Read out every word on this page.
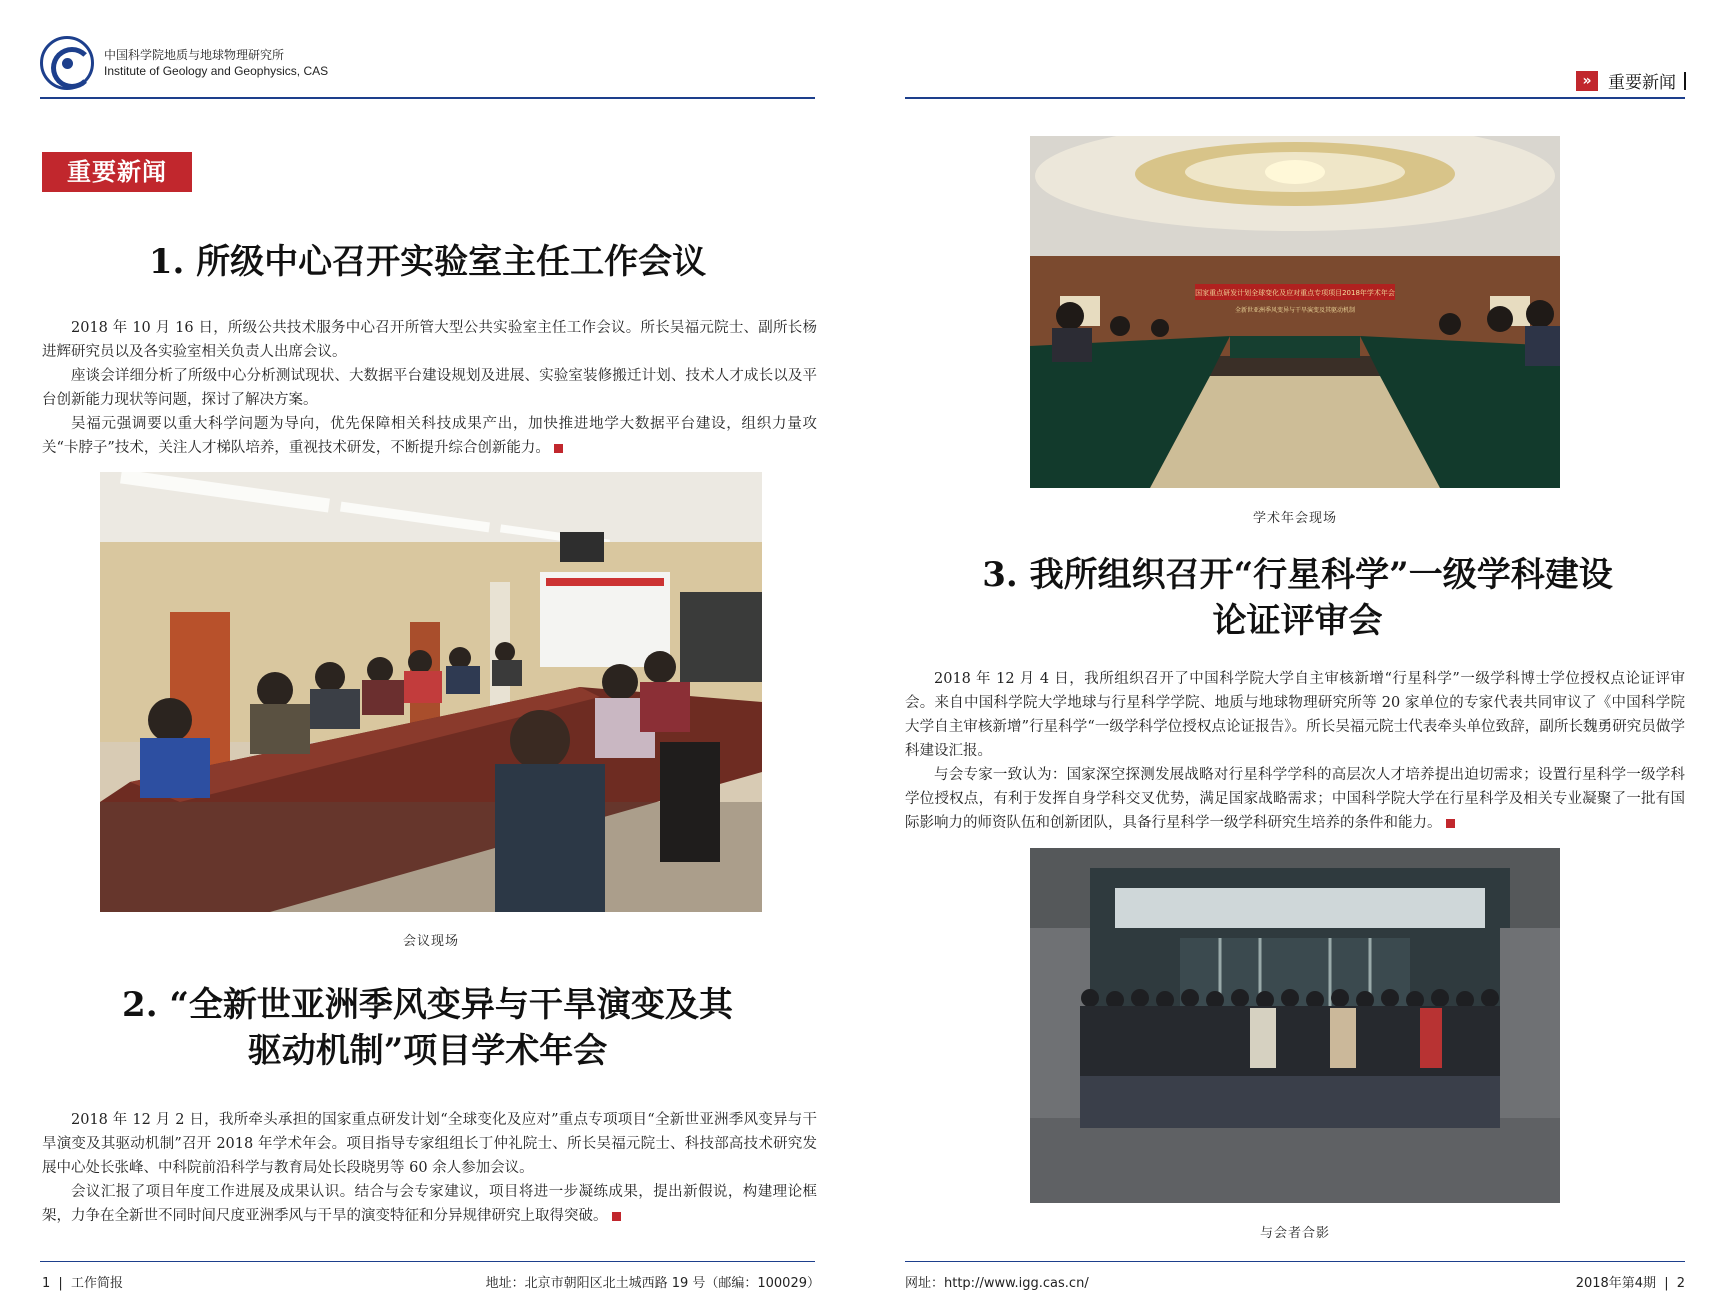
中国科学院地质与地球物理研究所
Institute of Geology and Geophysics, CAS
重要新闻
1. 所级中心召开实验室主任工作会议

2018 年 10 月 16 日，所级公共技术服务中心召开所管大型公共实验室主任工作会议。所长吴福元院士、副所长杨进辉研究员以及各实验室相关负责人出席会议。

座谈会详细分析了所级中心分析测试现状、大数据平台建设规划及进展、实验室装修搬迁计划、技术人才成长以及平台创新能力现状等问题，探讨了解决方案。

吴福元强调要以重大科学问题为导向，优先保障相关科技成果产出，加快推进地学大数据平台建设，组织力量攻关“卡脖子”技术，关注人才梯队培养，重视技术研发，不断提升综合创新能力。

会议现场
2. “全新世亚洲季风变异与干旱演变及其
驱动机制”项目学术年会

2018 年 12 月 2 日，我所牵头承担的国家重点研发计划“全球变化及应对”重点专项项目“全新世亚洲季风变异与干旱演变及其驱动机制”召开 2018 年学术年会。项目指导专家组组长丁仲礼院士、所长吴福元院士、科技部高技术研究发展中心处长张峰、中科院前沿科学与教育局处长段晓男等 60 余人参加会议。

会议汇报了项目年度工作进展及成果认识。结合与会专家建议，项目将进一步凝练成果，提出新假说，构建理论框架，力争在全新世不同时间尺度亚洲季风与干旱的演变特征和分异规律研究上取得突破。

1 | 工作简报	地址：北京市朝阳区北土城西路 19 号（邮编：100029）
» 重要新闻
国家重点研发计划全球变化及应对重点专项项目2018年学术年会
全新世亚洲季风变异与干旱演变及其驱动机制
学术年会现场
3. 我所组织召开“行星科学”一级学科建设
论证评审会

2018 年 12 月 4 日，我所组织召开了中国科学院大学自主审核新增“行星科学”一级学科博士学位授权点论证评审会。来自中国科学院大学地球与行星科学学院、地质与地球物理研究所等 20 家单位的专家代表共同审议了《中国科学院大学自主审核新增”行星科学“一级学科学位授权点论证报告》。所长吴福元院士代表牵头单位致辞，副所长魏勇研究员做学科建设汇报。

与会专家一致认为：国家深空探测发展战略对行星科学学科的高层次人才培养提出迫切需求；设置行星科学一级学科学位授权点，有利于发挥自身学科交叉优势，满足国家战略需求；中国科学院大学在行星科学及相关专业凝聚了一批有国际影响力的师资队伍和创新团队，具备行星科学一级学科研究生培养的条件和能力。

与会者合影
网址：http://www.igg.cas.cn/	2018年第4期 | 2
